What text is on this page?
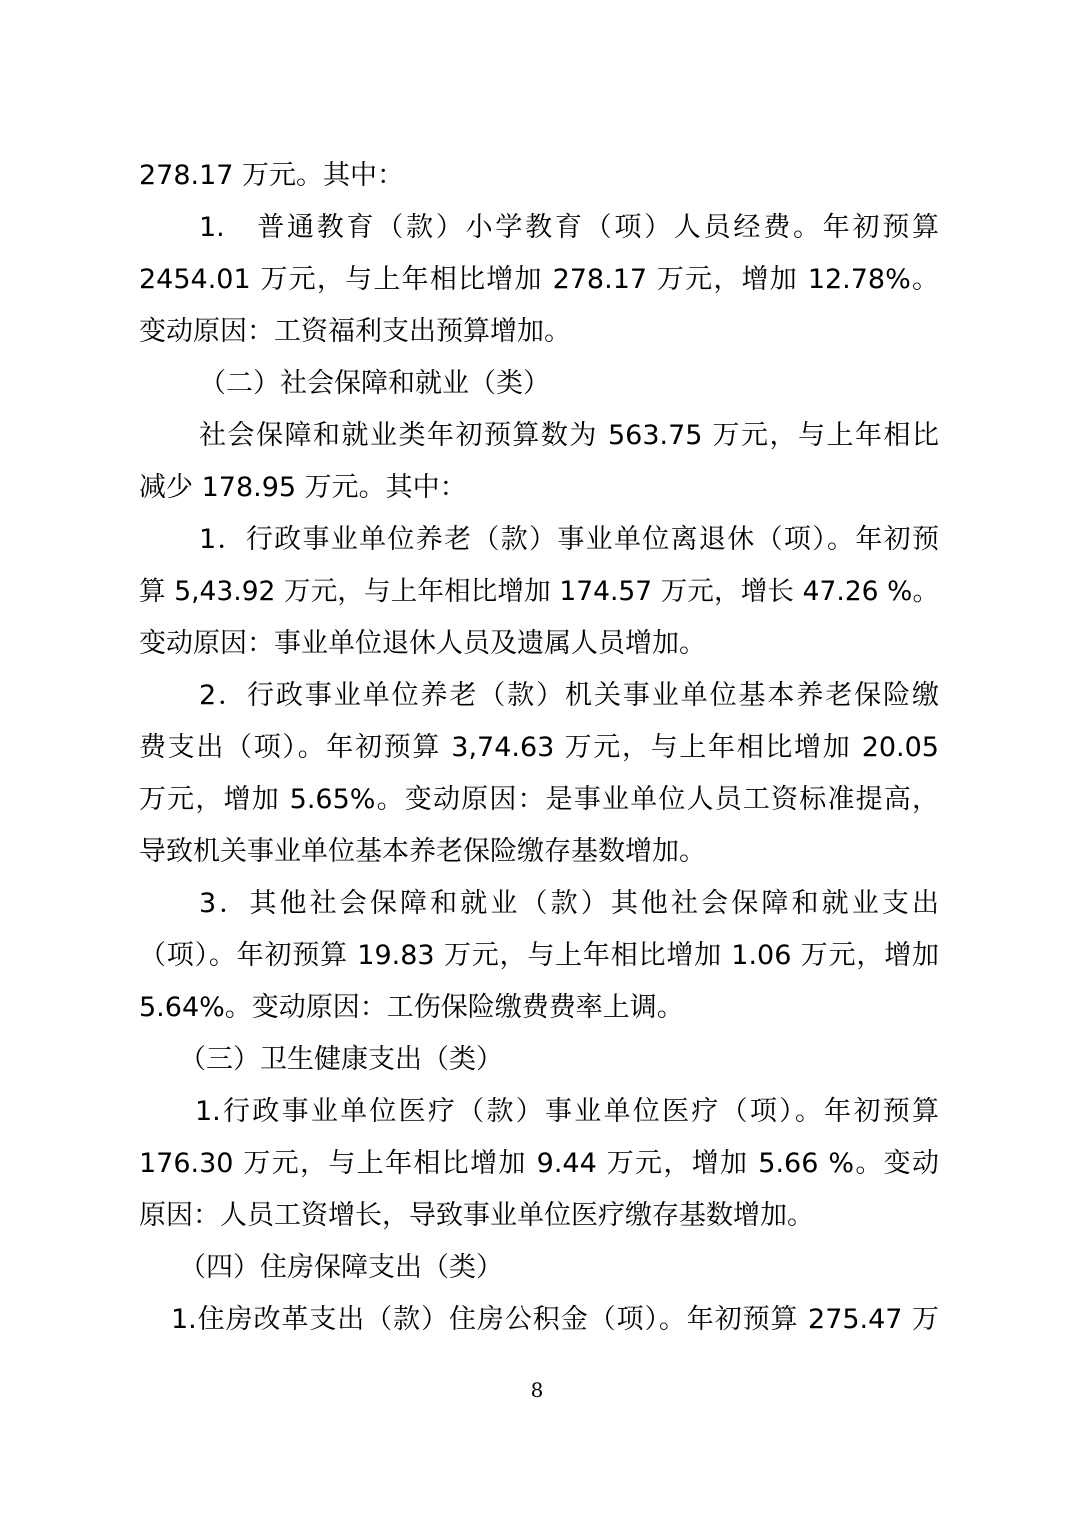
278.17 万元。其中：
1.　普通教育（款）小学教育（项）人员经费。年初预算
2454.01 万元，与上年相比增加 278.17 万元，增加 12.78%。
变动原因：工资福利支出预算增加。
（二）社会保障和就业（类）
社会保障和就业类年初预算数为 563.75 万元，与上年相比
减少 178.95 万元。其中：
1．行政事业单位养老（款）事业单位离退休（项）。年初预
算 5,43.92 万元，与上年相比增加 174.57 万元，增长 47.26 %。
变动原因：事业单位退休人员及遗属人员增加。
2．行政事业单位养老（款）机关事业单位基本养老保险缴
费支出（项）。年初预算 3,74.63 万元，与上年相比增加 20.05
万元，增加 5.65%。变动原因：是事业单位人员工资标准提高，
导致机关事业单位基本养老保险缴存基数增加。
3．其他社会保障和就业（款）其他社会保障和就业支出
（项）。年初预算 19.83 万元，与上年相比增加 1.06 万元，增加
5.64%。变动原因：工伤保险缴费费率上调。
（三）卫生健康支出（类）
1.行政事业单位医疗（款）事业单位医疗（项）。年初预算
176.30 万元，与上年相比增加 9.44 万元，增加 5.66 %。变动
原因：人员工资增长，导致事业单位医疗缴存基数增加。
（四）住房保障支出（类）
1.住房改革支出（款）住房公积金（项）。年初预算 275.47 万
8
